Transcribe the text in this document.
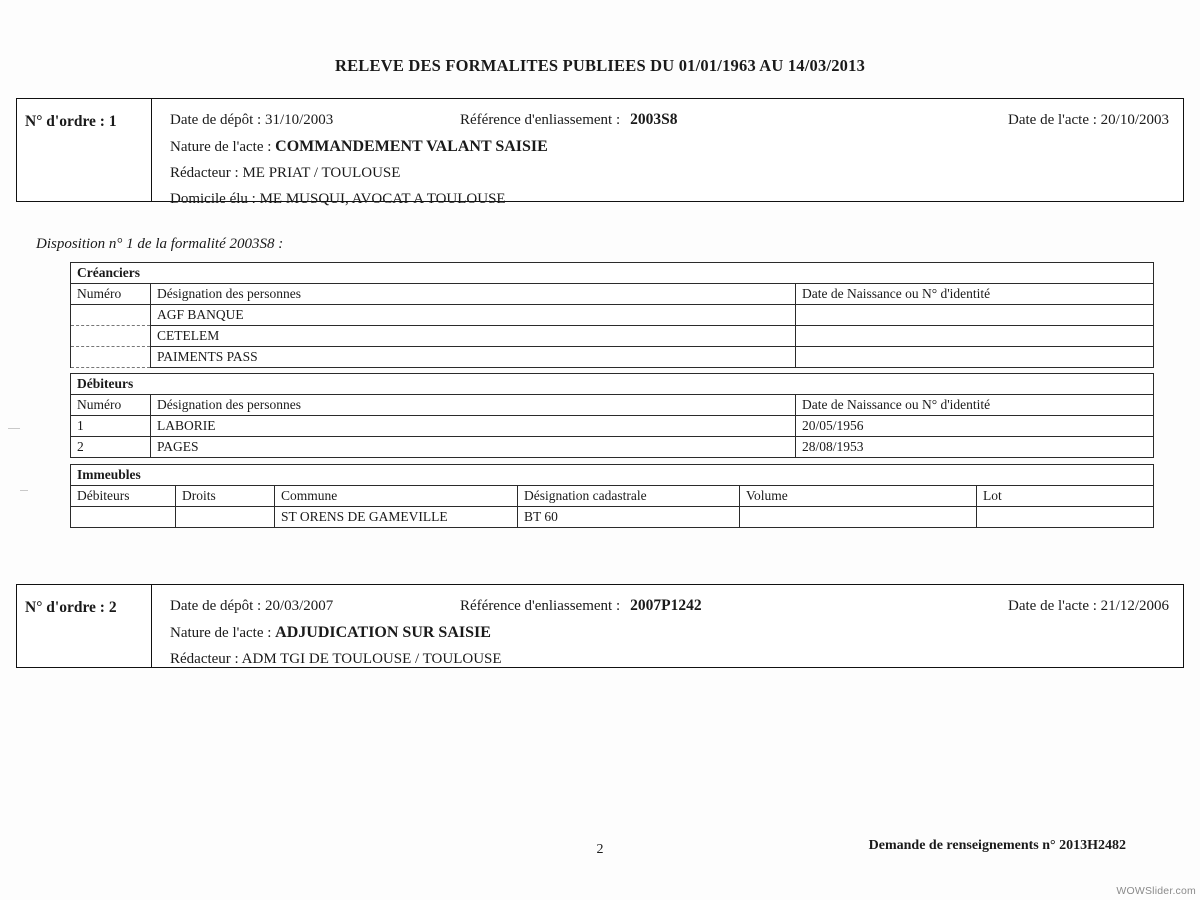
RELEVE DES FORMALITES PUBLIEES DU 01/01/1963 AU 14/03/2013
N° d'ordre : 1	Date de dépôt : 31/10/2003	Référence d'enliassement : 2003S8	Date de l'acte : 20/10/2003
Nature de l'acte : COMMANDEMENT VALANT SAISIE
Rédacteur : ME PRIAT / TOULOUSE
Domicile élu : ME MUSQUI, AVOCAT A TOULOUSE
Disposition n° 1 de la formalité 2003S8 :
Créanciers		
Numéro	Désignation des personnes	Date de Naissance ou N° d'identité
	AGF BANQUE	
	CETELEM	
	PAIMENTS PASS	
Débiteurs		
Numéro	Désignation des personnes	Date de Naissance ou N° d'identité
1	LABORIE	20/05/1956
2	PAGES	28/08/1953
Immeubles					
Débiteurs	Droits	Commune	Désignation cadastrale	Volume	Lot
		ST ORENS DE GAMEVILLE	BT 60		
N° d'ordre : 2	Date de dépôt : 20/03/2007	Référence d'enliassement : 2007P1242	Date de l'acte : 21/12/2006
Nature de l'acte : ADJUDICATION SUR SAISIE
Rédacteur : ADM TGI DE TOULOUSE / TOULOUSE
2	Demande de renseignements n° 2013H2482
WOWSlider.com
